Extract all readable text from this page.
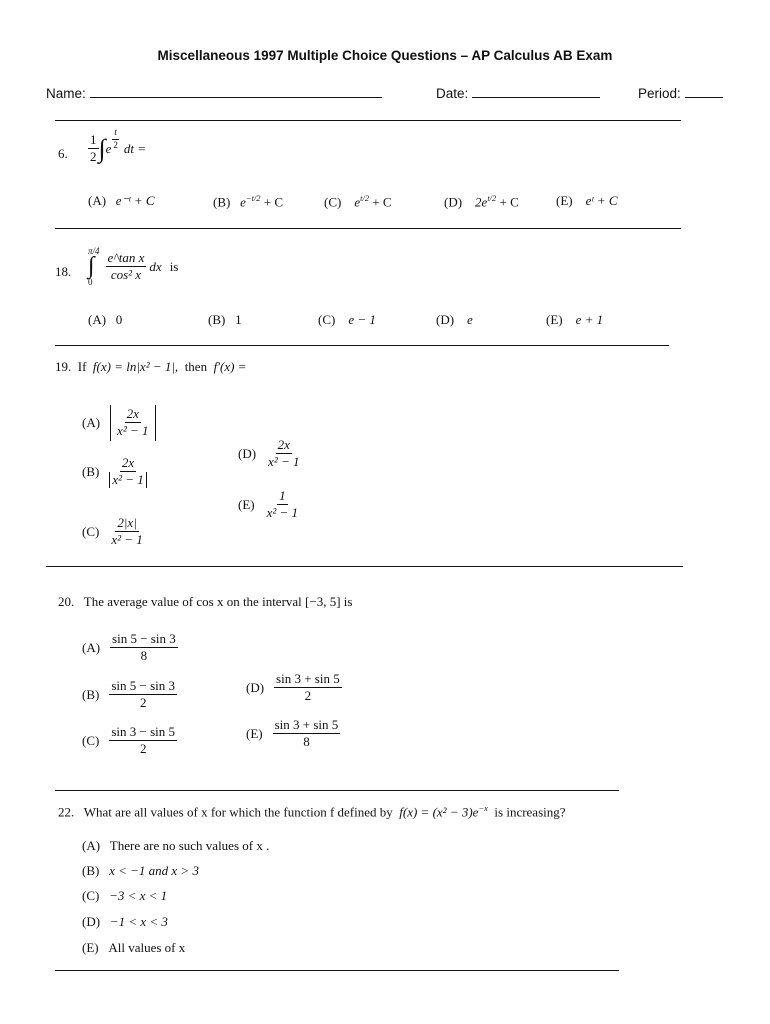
Miscellaneous 1997 Multiple Choice Questions – AP Calculus AB Exam
Name:	Date:	Period:
6. $\frac{1}{2}$ ∫ e $\frac{t}{2}$ dt =
(A) e⁻ᵗ + C	(B) $e^{-t/2} + C$	(C) $e^{t/2} + C$	(D) $2e^{t/2} + C$	(E) eᵗ + C
18.
π/4
∫
$0 \frac{\text{e\textasciicircum{}tan x}}{\text{cos² x}}$ dx is
(A) 0	(B) 1	(C) e − 1	(D) e	(E) e + 1
19. If f(x) = ln|x² − 1|, then f′(x) =
$(A) \frac{2x}{\text{x² − 1}}$
$(B) \frac{2x}{\text{x² − 1}}$
$(C) \frac{2|x|}{\text{x² − 1}}$
$(D) \frac{2x}{\text{x² − 1}}$
$(E) \frac{1}{\text{x² − 1}}$
20. The average value of cos x on the interval [−3, 5] is
$(A) \frac{\sin 5 - \sin 3}{8}$
$(B) \frac{\sin 5 - \sin 3}{2}$
$(C) \frac{\sin 3 - \sin 5}{2}$
$(D) \frac{\sin 3 + \sin 5}{2}$
$(E) \frac{\sin 3 + \sin 5}{8}$
22. What are all values of x for which the function f defined by $f(x) = (x^2 - 3)e^{-x}$ is increasing?
(A) There are no such values of x .
(B) x < −1 and x > 3
(C) −3 < x < 1
(D) −1 < x < 3
(E) All values of x
